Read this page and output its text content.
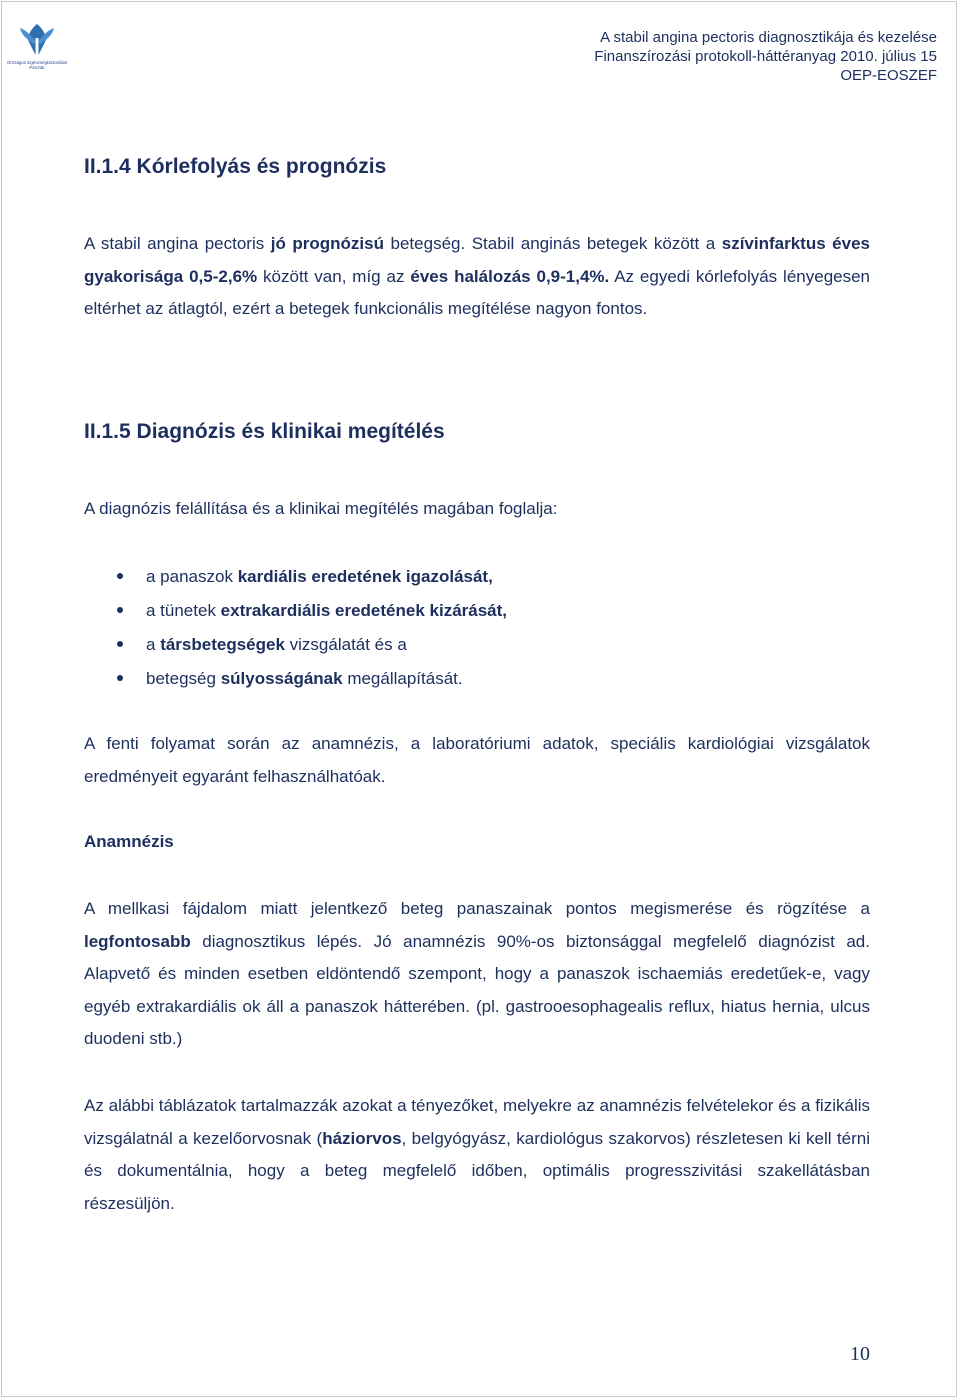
Országos Egészségbiztosítási Pénztár
A stabil angina pectoris diagnosztikája és kezelése
Finanszírozási protokoll-háttéranyag 2010. július 15
OEP-EOSZEF
II.1.4 Kórlefolyás és prognózis

A stabil angina pectoris jó prognózisú betegség. Stabil anginás betegek között a szívinfarktus éves gyakorisága 0,5-2,6% között van, míg az éves halálozás 0,9-1,4%. Az egyedi kórlefolyás lényegesen eltérhet az átlagtól, ezért a betegek funkcionális megítélése nagyon fontos.

II.1.5 Diagnózis és klinikai megítélés

A diagnózis felállítása és a klinikai megítélés magában foglalja:

a panaszok kardiális eredetének igazolását,
a tünetek extrakardiális eredetének kizárását,
a társbetegségek vizsgálatát és a
betegség súlyosságának megállapítását.

A fenti folyamat során az anamnézis, a laboratóriumi adatok, speciális kardiológiai vizsgálatok eredményeit egyaránt felhasználhatóak.

Anamnézis

A mellkasi fájdalom miatt jelentkező beteg panaszainak pontos megismerése és rögzítése a legfontosabb diagnosztikus lépés. Jó anamnézis 90%-os biztonsággal megfelelő diagnózist ad. Alapvető és minden esetben eldöntendő szempont, hogy a panaszok ischaemiás eredetűek-e, vagy egyéb extrakardiális ok áll a panaszok hátterében. (pl. gastrooesophagealis reflux, hiatus hernia, ulcus duodeni stb.)

Az alábbi táblázatok tartalmazzák azokat a tényezőket, melyekre az anamnézis felvételekor és a fizikális vizsgálatnál a kezelőorvosnak (háziorvos, belgyógyász, kardiológus szakorvos) részletesen ki kell térni és dokumentálnia, hogy a beteg megfelelő időben, optimális progresszivitási szakellátásban részesüljön.

10
